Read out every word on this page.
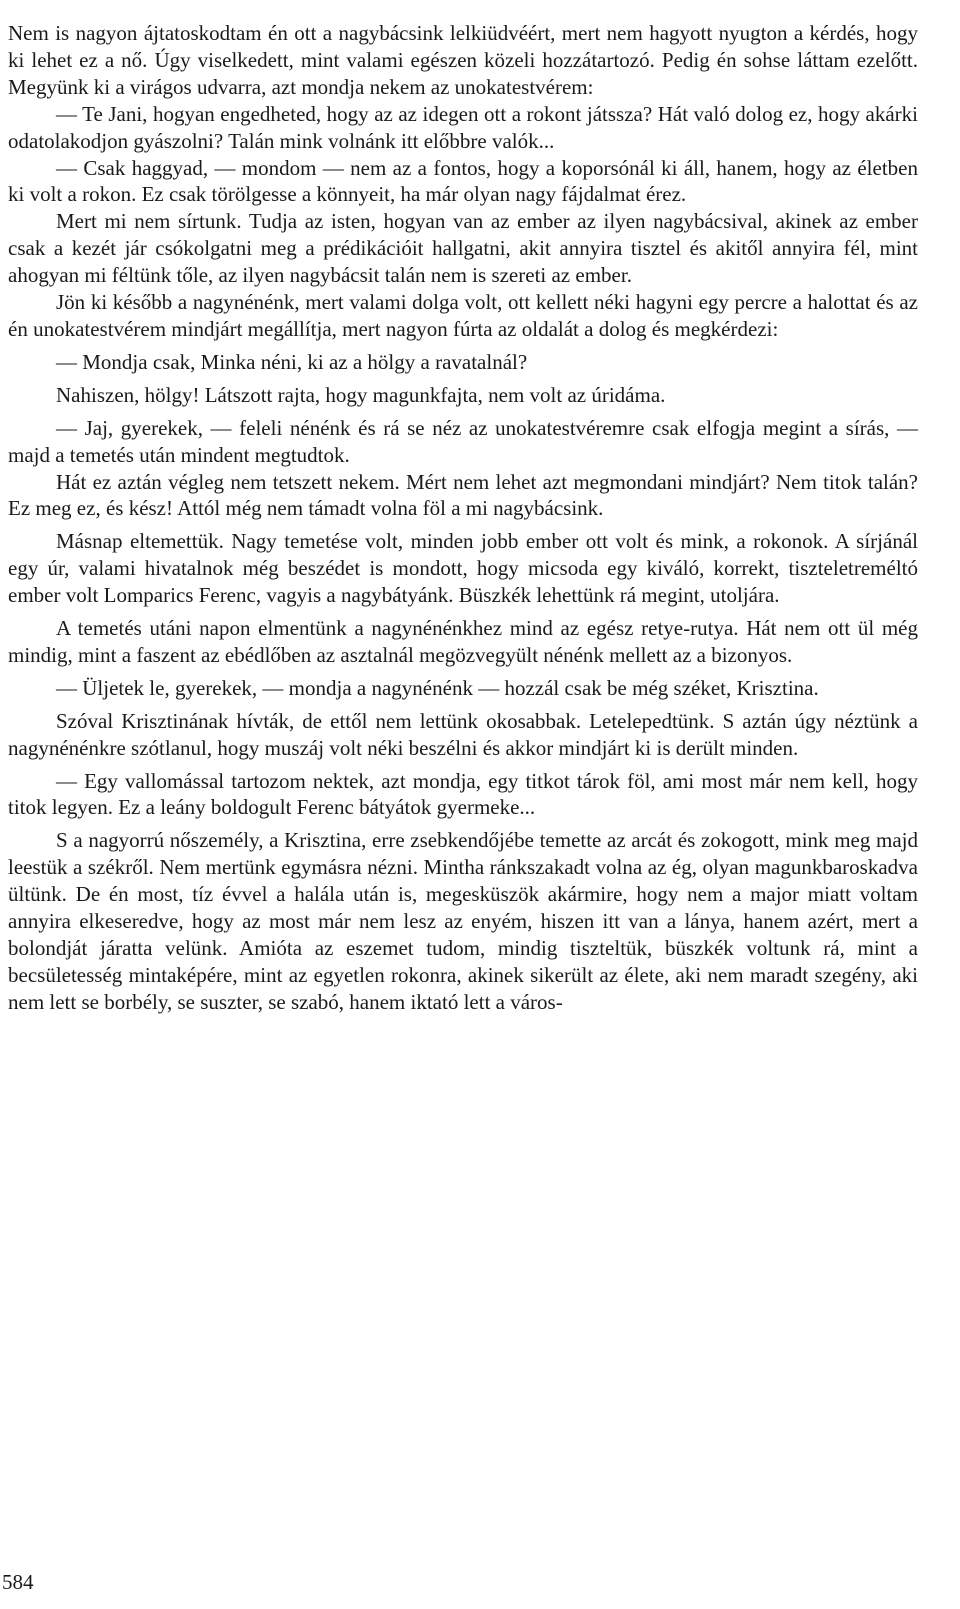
Nem is nagyon ájtatoskodtam én ott a nagybácsink lelkiüdvéért, mert nem hagyott nyugton a kérdés, hogy ki lehet ez a nő. Úgy viselkedett, mint valami egészen közeli hozzátartozó. Pedig én sohse láttam ezelőtt. Megyünk ki a virágos udvarra, azt mondja nekem az unokatestvérem:

— Te Jani, hogyan engedheted, hogy az az idegen ott a rokont játssza? Hát való dolog ez, hogy akárki odatolakodjon gyászolni? Talán mink volnánk itt előbbre valók...

— Csak haggyad, — mondom — nem az a fontos, hogy a koporsónál ki áll, hanem, hogy az életben ki volt a rokon. Ez csak törölgesse a könnyeit, ha már olyan nagy fájdalmat érez.

Mert mi nem sírtunk. Tudja az isten, hogyan van az ember az ilyen nagybácsival, akinek az ember csak a kezét jár csókolgatni meg a prédikációit hallgatni, akit annyira tisztel és akitől annyira fél, mint ahogyan mi féltünk tőle, az ilyen nagybácsit talán nem is szereti az ember.

Jön ki később a nagynénénk, mert valami dolga volt, ott kellett néki hagyni egy percre a halottat és az én unokatestvérem mindjárt megállítja, mert nagyon fúrta az oldalát a dolog és megkérdezi:

— Mondja csak, Minka néni, ki az a hölgy a ravatalnál?

Nahiszen, hölgy! Látszott rajta, hogy magunkfajta, nem volt az úridáma.

— Jaj, gyerekek, — feleli nénénk és rá se néz az unokatestvéremre csak elfogja megint a sírás, — majd a temetés után mindent megtudtok.

Hát ez aztán végleg nem tetszett nekem. Mért nem lehet azt megmondani mindjárt? Nem titok talán? Ez meg ez, és kész! Attól még nem támadt volna föl a mi nagybácsink.

Másnap eltemettük. Nagy temetése volt, minden jobb ember ott volt és mink, a rokonok. A sírjánál egy úr, valami hivatalnok még beszédet is mondott, hogy micsoda egy kiváló, korrekt, tiszteletreméltó ember volt Lomparics Ferenc, vagyis a nagybátyánk. Büszkék lehettünk rá megint, utoljára.

A temetés utáni napon elmentünk a nagynénénkhez mind az egész retye-rutya. Hát nem ott ül még mindig, mint a faszent az ebédlőben az asztalnál megözvegyült nénénk mellett az a bizonyos.

— Üljetek le, gyerekek, — mondja a nagynénénk — hozzál csak be még széket, Krisztina.

Szóval Krisztinának hívták, de ettől nem lettünk okosabbak. Letelepedtünk. S aztán úgy néztünk a nagynénénkre szótlanul, hogy muszáj volt néki beszélni és akkor mindjárt ki is derült minden.

— Egy vallomással tartozom nektek, azt mondja, egy titkot tárok föl, ami most már nem kell, hogy titok legyen. Ez a leány boldogult Ferenc bátyátok gyermeke...

S a nagyorrú nőszemély, a Krisztina, erre zsebkendőjébe temette az arcát és zokogott, mink meg majd leestük a székről. Nem mertünk egymásra nézni. Mintha ránkszakadt volna az ég, olyan magunkbaroskadva ültünk. De én most, tíz évvel a halála után is, megesküszök akármire, hogy nem a major miatt voltam annyira elkeseredve, hogy az most már nem lesz az enyém, hiszen itt van a lánya, hanem azért, mert a bolondját járatta velünk. Amióta az eszemet tudom, mindig tiszteltük, büszkék voltunk rá, mint a becsületesség mintaképére, mint az egyetlen rokonra, akinek sikerült az élete, aki nem maradt szegény, aki nem lett se borbély, se suszter, se szabó, hanem iktató lett a város-

584
